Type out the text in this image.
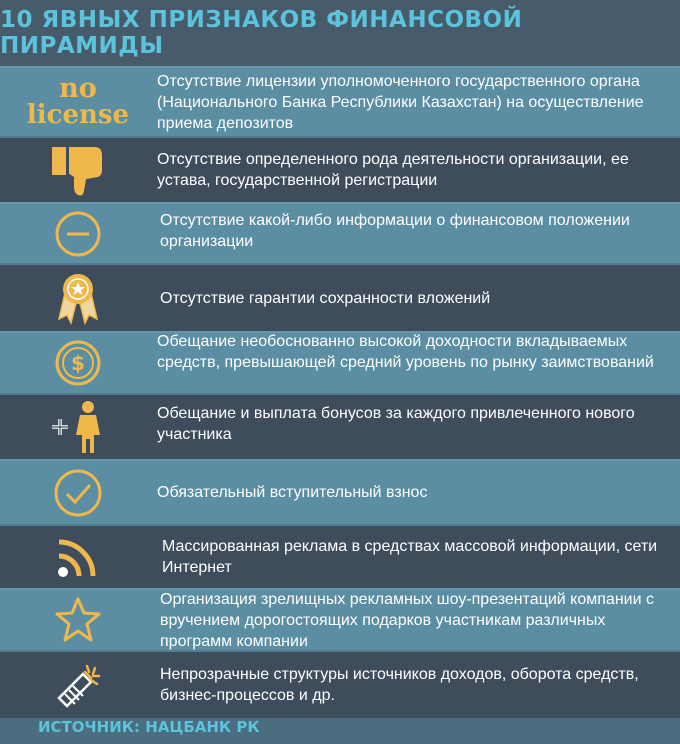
10 ЯВНЫХ ПРИЗНАКОВ ФИНАНСОВОЙ ПИРАМИДЫ
no
license
Отсутствие лицензии уполномоченного государственного органа (Национального Банка Республики Казахстан) на осуществление приема депозитов
Отсутствие определенного рода деятельности организации, ее устава, государственной регистрации
Отсутствие какой-либо информации о финансовом положении организации
Отсутствие гарантии сохранности вложений
$
Обещание необоснованно высокой доходности вкладываемых средств, превышающей средний уровень по рынку заимствований
Обещание и выплата бонусов за каждого привлеченного нового участника
Обязательный вступительный взнос
Массированная реклама в средствах массовой информации, сети Интернет
Организация зрелищных рекламных шоу-презентаций компании с вручением дорогостоящих подарков участникам различных программ компании
Непрозрачные структуры источников доходов, оборота средств, бизнес-процессов и др.
ИСТОЧНИК: НАЦБАНК РК
